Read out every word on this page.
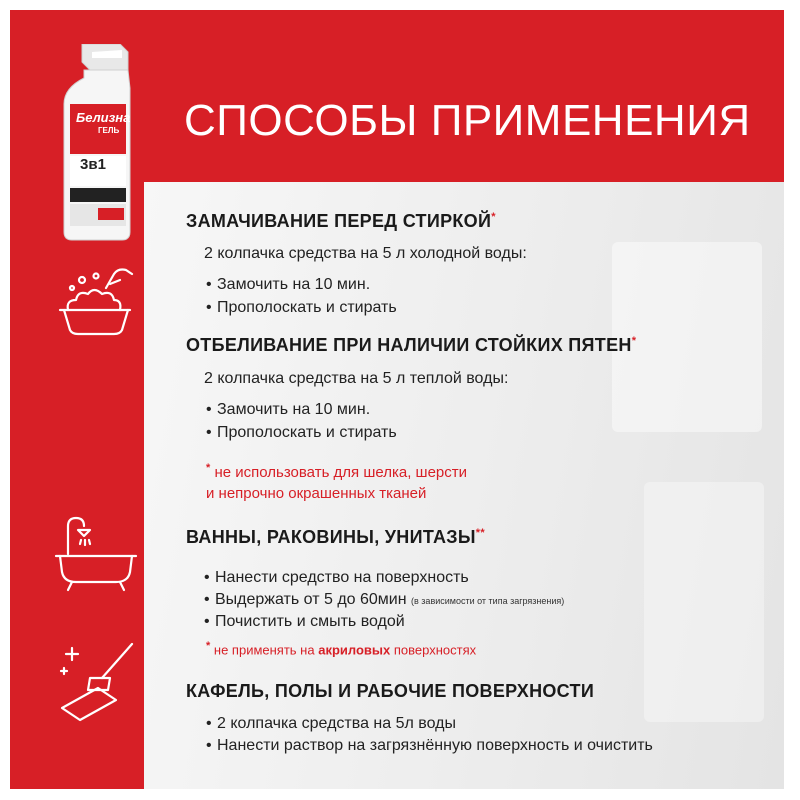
СПОСОБЫ ПРИМЕНЕНИЯ
Белизна
ГЕЛЬ
3в1
ЗАМАЧИВАНИЕ ПЕРЕД СТИРКОЙ*
2 колпачка средства на 5 л холодной воды:
• Замочить на 10 мин.
• Прополоскать и стирать
ОТБЕЛИВАНИЕ ПРИ НАЛИЧИИ СТОЙКИХ ПЯТЕН*
2 колпачка средства на 5 л теплой воды:
• Замочить на 10 мин.
• Прополоскать и стирать
* не использовать для шелка, шерсти
и непрочно окрашенных тканей
ВАННЫ, РАКОВИНЫ, УНИТАЗЫ**
• Нанести средство на поверхность
• Выдержать от 5 до 60мин (в зависимости от типа загрязнения)
• Почистить и смыть водой
* не применять на акриловых поверхностях
КАФЕЛЬ, ПОЛЫ И РАБОЧИЕ ПОВЕРХНОСТИ
• 2 колпачка средства на 5л воды
• Нанести раствор на загрязнённую поверхность и очистить
